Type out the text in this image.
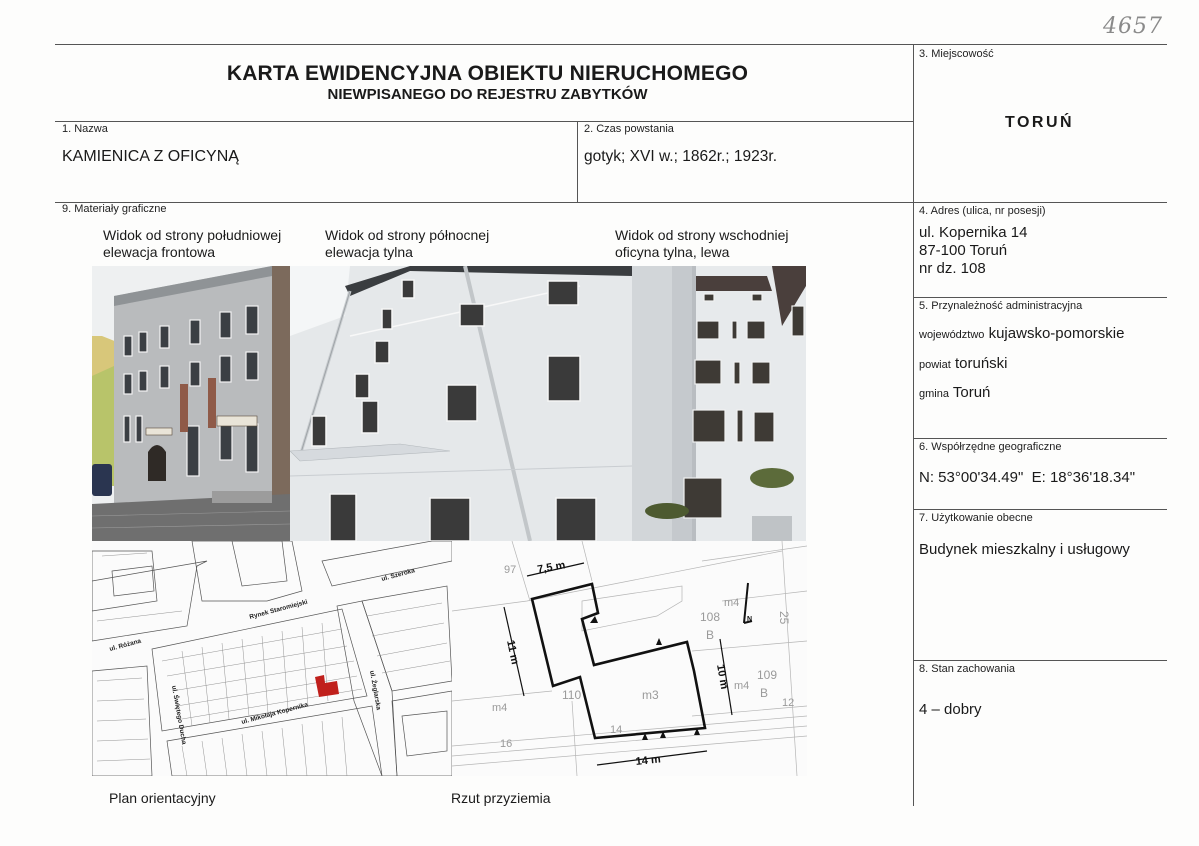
4657
KARTA EWIDENCYJNA OBIEKTU NIERUCHOMEGO
NIEWPISANEGO DO REJESTRU ZABYTKÓW
1. Nazwa
KAMIENICA Z OFICYNĄ
2. Czas powstania
gotyk; XVI w.; 1862r.; 1923r.
3. Miejscowość
TORUŃ
4. Adres (ulica, nr posesji)
ul. Kopernika 14
87-100 Toruń
nr dz. 108
5. Przynależność administracyjna
województwo kujawsko-pomorskie
powiat toruński
gmina Toruń
6. Współrzędne geograficzne
N: 53°00'34.49" E: 18°36'18.34"
7. Użytkowanie obecne
Budynek mieszkalny i usługowy
8. Stan zachowania
4 – dobry
9. Materiały graficzne
Widok od strony południowej
elewacja frontowa
Widok od strony północnej
elewacja tylna
Widok od strony wschodniej
oficyna tylna, lewa
ul. Szeroka
Rynek Staromiejski
ul. Różana
ul. Żeglarska
ul. Świętego Ducha	ul. Mikołaja Kopernika
108
B
109
B
110	m3
m4
m4
m4
14
16
12
25
97 7,5 m
11 m
10 m
14 m
N
Plan orientacyjny	Rzut przyziemia
